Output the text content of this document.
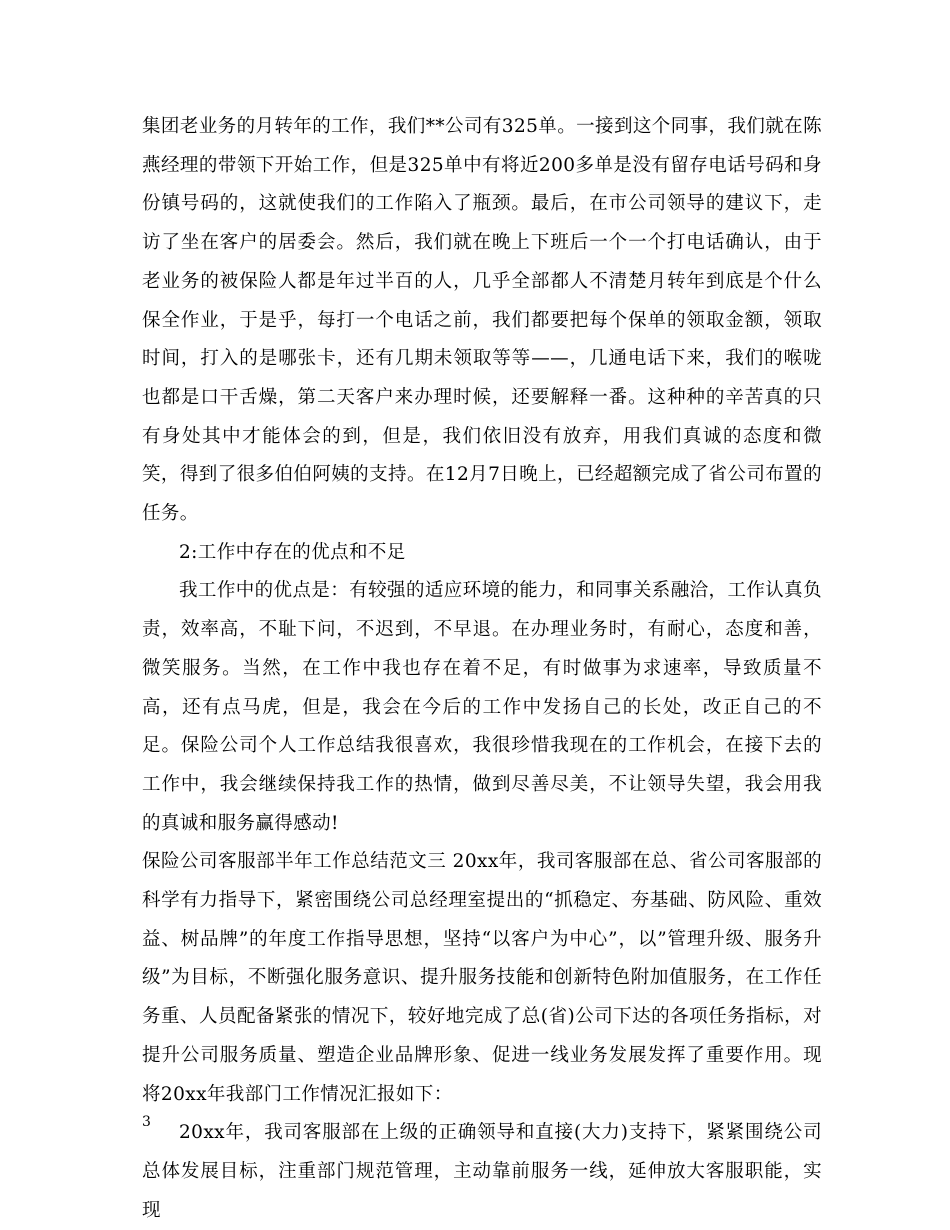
集团老业务的月转年的工作，我们**公司有325单。一接到这个同事，我们就在陈燕经理的带领下开始工作，但是325单中有将近200多单是没有留存电话号码和身份镇号码的，这就使我们的工作陷入了瓶颈。最后，在市公司领导的建议下，走访了坐在客户的居委会。然后，我们就在晚上下班后一个一个打电话确认，由于老业务的被保险人都是年过半百的人，几乎全部都人不清楚月转年到底是个什么保全作业，于是乎，每打一个电话之前，我们都要把每个保单的领取金额，领取时间，打入的是哪张卡，还有几期未领取等等——，几通电话下来，我们的喉咙也都是口干舌燥，第二天客户来办理时候，还要解释一番。这种种的辛苦真的只有身处其中才能体会的到，但是，我们依旧没有放弃，用我们真诚的态度和微笑，得到了很多伯伯阿姨的支持。在12月7日晚上，已经超额完成了省公司布置的任务。

2:工作中存在的优点和不足

我工作中的优点是：有较强的适应环境的能力，和同事关系融洽，工作认真负责，效率高，不耻下问，不迟到，不早退。在办理业务时，有耐心，态度和善，微笑服务。当然，在工作中我也存在着不足，有时做事为求速率，导致质量不高，还有点马虎，但是，我会在今后的工作中发扬自己的长处，改正自己的不足。保险公司个人工作总结我很喜欢，我很珍惜我现在的工作机会，在接下去的工作中，我会继续保持我工作的热情，做到尽善尽美，不让领导失望，我会用我的真诚和服务赢得感动!

保险公司客服部半年工作总结范文三 20xx年，我司客服部在总、省公司客服部的科学有力指导下，紧密围绕公司总经理室提出的“抓稳定、夯基础、防风险、重效益、树品牌”的年度工作指导思想，坚持“以客户为中心”，以”管理升级、服务升级”为目标，不断强化服务意识、提升服务技能和创新特色附加值服务，在工作任务重、人员配备紧张的情况下，较好地完成了总(省)公司下达的各项任务指标，对提升公司服务质量、塑造企业品牌形象、促进一线业务发展发挥了重要作用。现将20xx年我部门工作情况汇报如下：

20xx年，我司客服部在上级的正确领导和直接(大力)支持下，紧紧围绕公司总体发展目标，注重部门规范管理，主动靠前服务一线，延伸放大客服职能，实现

3
